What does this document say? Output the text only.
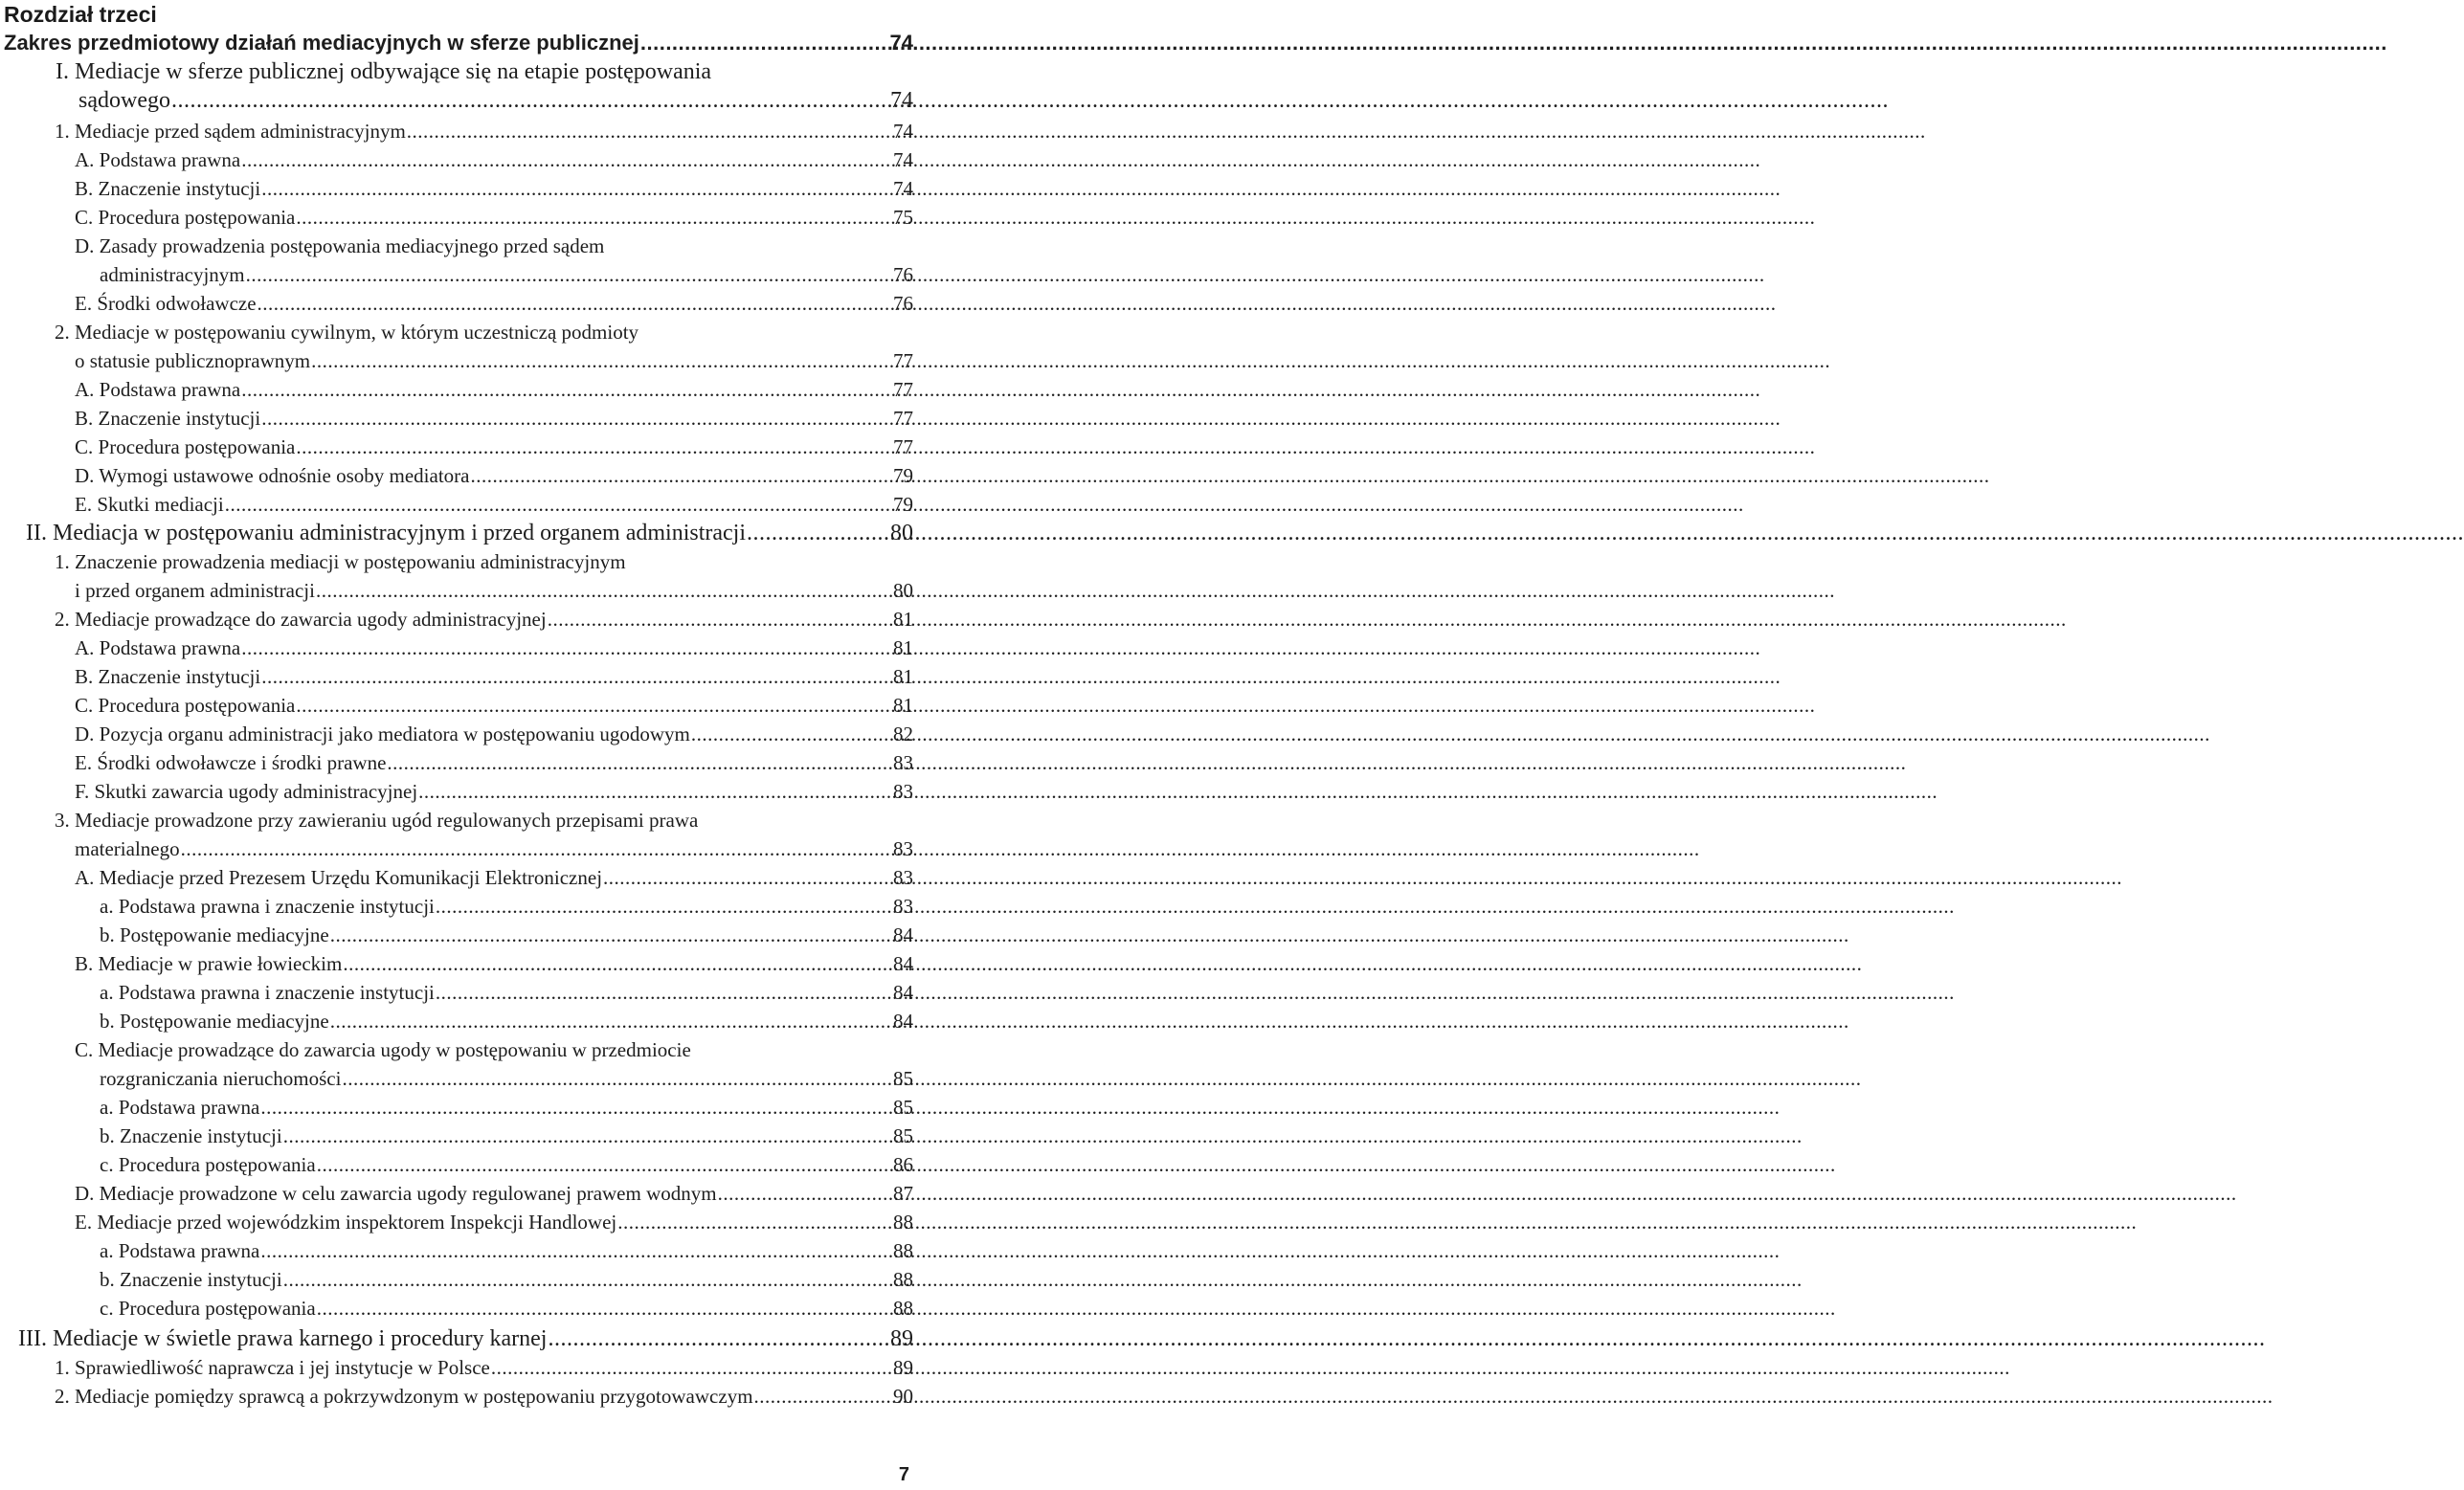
Rozdział trzeci
Zakres przedmiotowy działań mediacyjnych w sferze publicznej .....	74
I. Mediacje w sferze publicznej odbywające się na etapie postępowania
sądowego .....	74
1. Mediacje przed sądem administracyjnym .....	74
A. Podstawa prawna .....	74
B. Znaczenie instytucji .....	74
C. Procedura postępowania .....	75
D. Zasady prowadzenia postępowania mediacyjnego przed sądem
administracyjnym .....	76
E. Środki odwoławcze .....	76
2. Mediacje w postępowaniu cywilnym, w którym uczestniczą podmioty
o statusie publicznoprawnym .....	77
A. Podstawa prawna .....	77
B. Znaczenie instytucji .....	77
C. Procedura postępowania .....	77
D. Wymogi ustawowe odnośnie osoby mediatora .....	79
E. Skutki mediacji .....	79
II. Mediacja w postępowaniu administracyjnym i przed organem administracji .....	80
1. Znaczenie prowadzenia mediacji w postępowaniu administracyjnym
i przed organem administracji .....	80
2. Mediacje prowadzące do zawarcia ugody administracyjnej .....	81
A. Podstawa prawna .....	81
B. Znaczenie instytucji .....	81
C. Procedura postępowania .....	81
D. Pozycja organu administracji jako mediatora w postępowaniu ugodowym .....	82
E. Środki odwoławcze i środki prawne .....	83
F. Skutki zawarcia ugody administracyjnej .....	83
3. Mediacje prowadzone przy zawieraniu ugód regulowanych przepisami prawa
materialnego .....	83
A. Mediacje przed Prezesem Urzędu Komunikacji Elektronicznej .....	83
a. Podstawa prawna i znaczenie instytucji .....	83
b. Postępowanie mediacyjne .....	84
B. Mediacje w prawie łowieckim .....	84
a. Podstawa prawna i znaczenie instytucji .....	84
b. Postępowanie mediacyjne .....	84
C. Mediacje prowadzące do zawarcia ugody w postępowaniu w przedmiocie
rozgraniczania nieruchomości .....	85
a. Podstawa prawna .....	85
b. Znaczenie instytucji .....	85
c. Procedura postępowania .....	86
D. Mediacje prowadzone w celu zawarcia ugody regulowanej prawem wodnym .....	87
E. Mediacje przed wojewódzkim inspektorem Inspekcji Handlowej .....	88
a. Podstawa prawna .....	88
b. Znaczenie instytucji .....	88
c. Procedura postępowania .....	88
III. Mediacje w świetle prawa karnego i procedury karnej .....	89
1. Sprawiedliwość naprawcza i jej instytucje w Polsce .....	89
2. Mediacje pomiędzy sprawcą a pokrzywdzonym w postępowaniu przygotowawczym .....	90
7
